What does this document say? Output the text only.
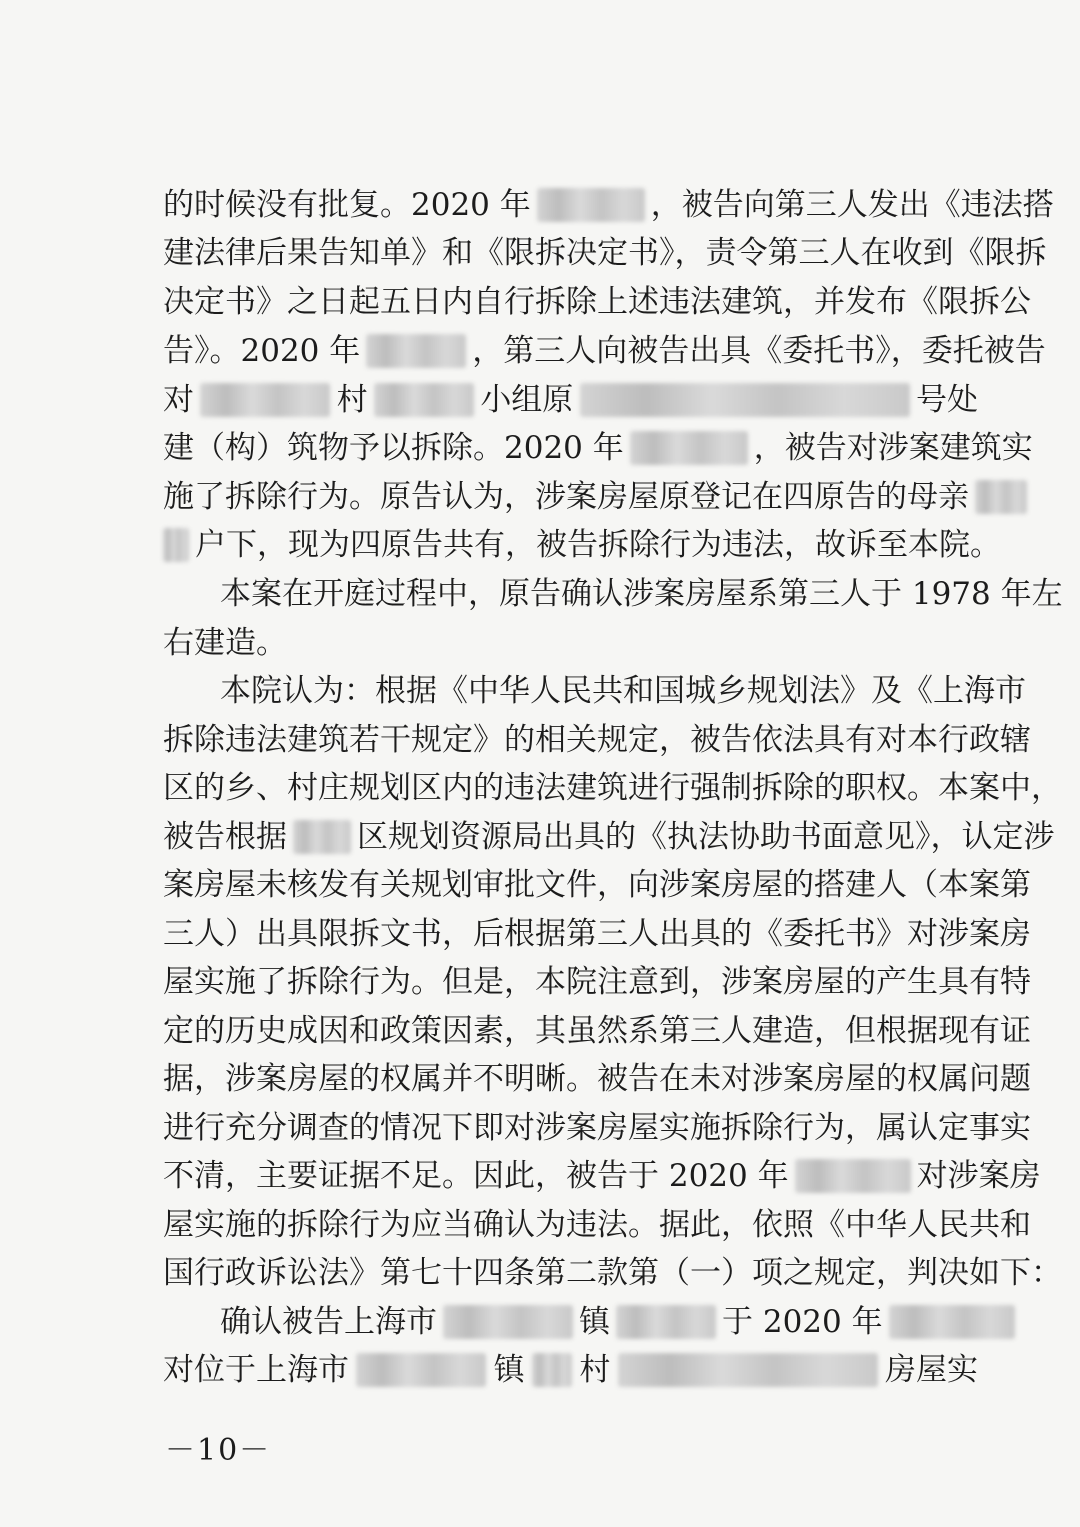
的时候没有批复。2020 年	，被告向第三人发出《违法搭
建法律后果告知单》和《限拆决定书》，责令第三人在收到《限拆
决定书》之日起五日内自行拆除上述违法建筑，并发布《限拆公
告》。2020 年	，第三人向被告出具《委托书》，委托被告
对	村	小组原	号处
建（构）筑物予以拆除。2020 年	，被告对涉案建筑实
施了拆除行为。原告认为，涉案房屋原登记在四原告的母亲
户下，现为四原告共有，被告拆除行为违法，故诉至本院。
本案在开庭过程中，原告确认涉案房屋系第三人于 1978 年左
右建造。
本院认为：根据《中华人民共和国城乡规划法》及《上海市
拆除违法建筑若干规定》的相关规定，被告依法具有对本行政辖
区的乡、村庄规划区内的违法建筑进行强制拆除的职权。本案中，
被告根据 区规划资源局出具的《执法协助书面意见》，认定涉
案房屋未核发有关规划审批文件，向涉案房屋的搭建人（本案第
三人）出具限拆文书，后根据第三人出具的《委托书》对涉案房
屋实施了拆除行为。但是，本院注意到，涉案房屋的产生具有特
定的历史成因和政策因素，其虽然系第三人建造，但根据现有证
据，涉案房屋的权属并不明晰。被告在未对涉案房屋的权属问题
进行充分调查的情况下即对涉案房屋实施拆除行为，属认定事实
不清，主要证据不足。因此，被告于 2020 年	对涉案房
屋实施的拆除行为应当确认为违法。据此，依照《中华人民共和
国行政诉讼法》第七十四条第二款第（一）项之规定，判决如下：
确认被告上海市	镇	于 2020 年
对位于上海市	镇 村	房屋实
－10－
